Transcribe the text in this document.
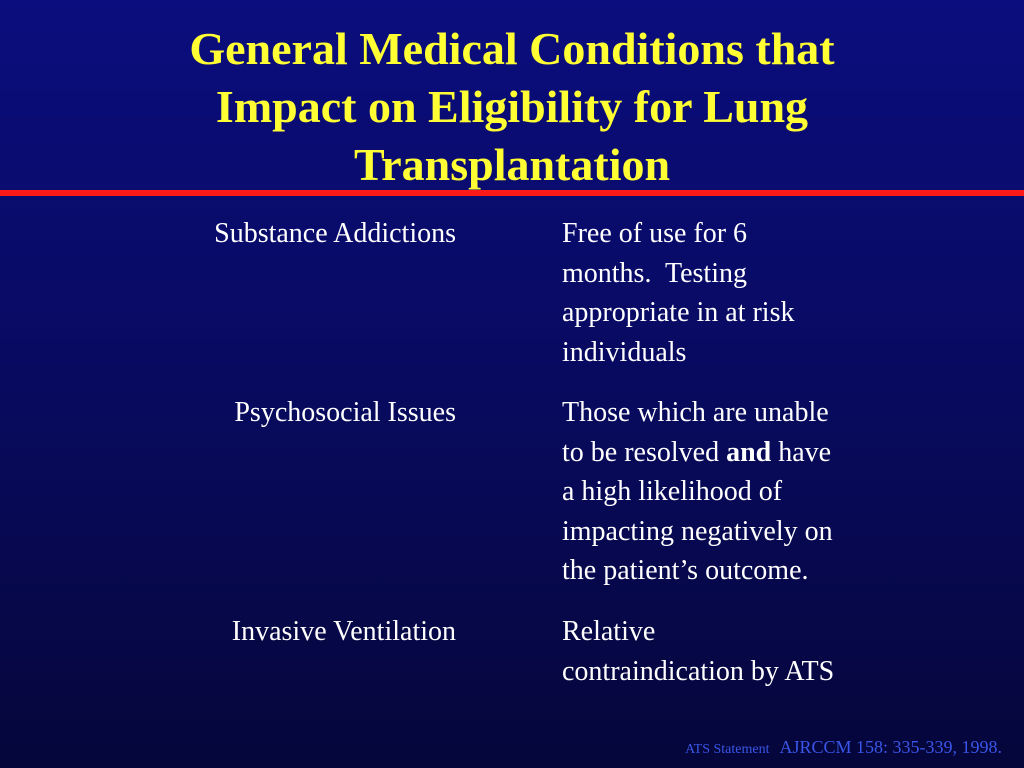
General Medical Conditions that
Impact on Eligibility for Lung
Transplantation
Substance Addictions	Free of use for 6
months.  Testing
appropriate in at risk
individuals
Psychosocial Issues	Those which are unable
to be resolved and have
a high likelihood of
impacting negatively on
the patient’s outcome.
Invasive Ventilation	Relative
contraindication by ATS
ATS Statement AJRCCM 158: 335-339, 1998.
